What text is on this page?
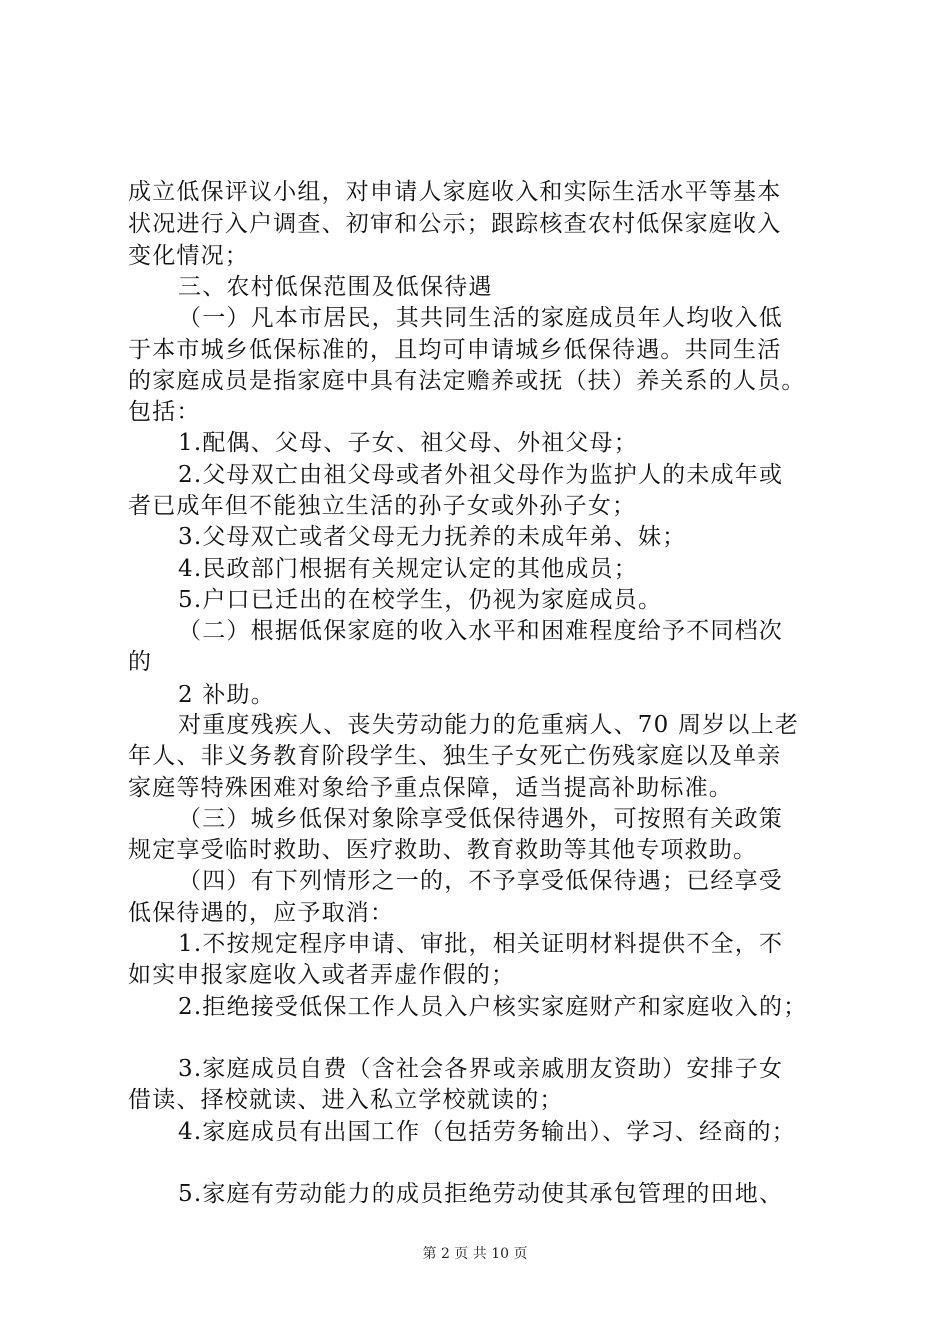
成立低保评议小组，对申请人家庭收入和实际生活水平等基本
状况进行入户调查、初审和公示；跟踪核查农村低保家庭收入
变化情况；
三、农村低保范围及低保待遇
（一）凡本市居民，其共同生活的家庭成员年人均收入低
于本市城乡低保标准的，且均可申请城乡低保待遇。共同生活
的家庭成员是指家庭中具有法定赡养或抚（扶）养关系的人员。
包括：
1.配偶、父母、子女、祖父母、外祖父母；
2.父母双亡由祖父母或者外祖父母作为监护人的未成年或
者已成年但不能独立生活的孙子女或外孙子女；
3.父母双亡或者父母无力抚养的未成年弟、妹；
4.民政部门根据有关规定认定的其他成员；
5.户口已迁出的在校学生，仍视为家庭成员。
（二）根据低保家庭的收入水平和困难程度给予不同档次
的
2 补助。
对重度残疾人、丧失劳动能力的危重病人、70 周岁以上老
年人、非义务教育阶段学生、独生子女死亡伤残家庭以及单亲
家庭等特殊困难对象给予重点保障，适当提高补助标准。
（三）城乡低保对象除享受低保待遇外，可按照有关政策
规定享受临时救助、医疗救助、教育救助等其他专项救助。
（四）有下列情形之一的，不予享受低保待遇；已经享受
低保待遇的，应予取消：
1.不按规定程序申请、审批，相关证明材料提供不全，不
如实申报家庭收入或者弄虚作假的；
2.拒绝接受低保工作人员入户核实家庭财产和家庭收入的；
3.家庭成员自费（含社会各界或亲戚朋友资助）安排子女
借读、择校就读、进入私立学校就读的；
4.家庭成员有出国工作（包括劳务输出）、学习、经商的；
5.家庭有劳动能力的成员拒绝劳动使其承包管理的田地、
第 2 页 共 10 页
